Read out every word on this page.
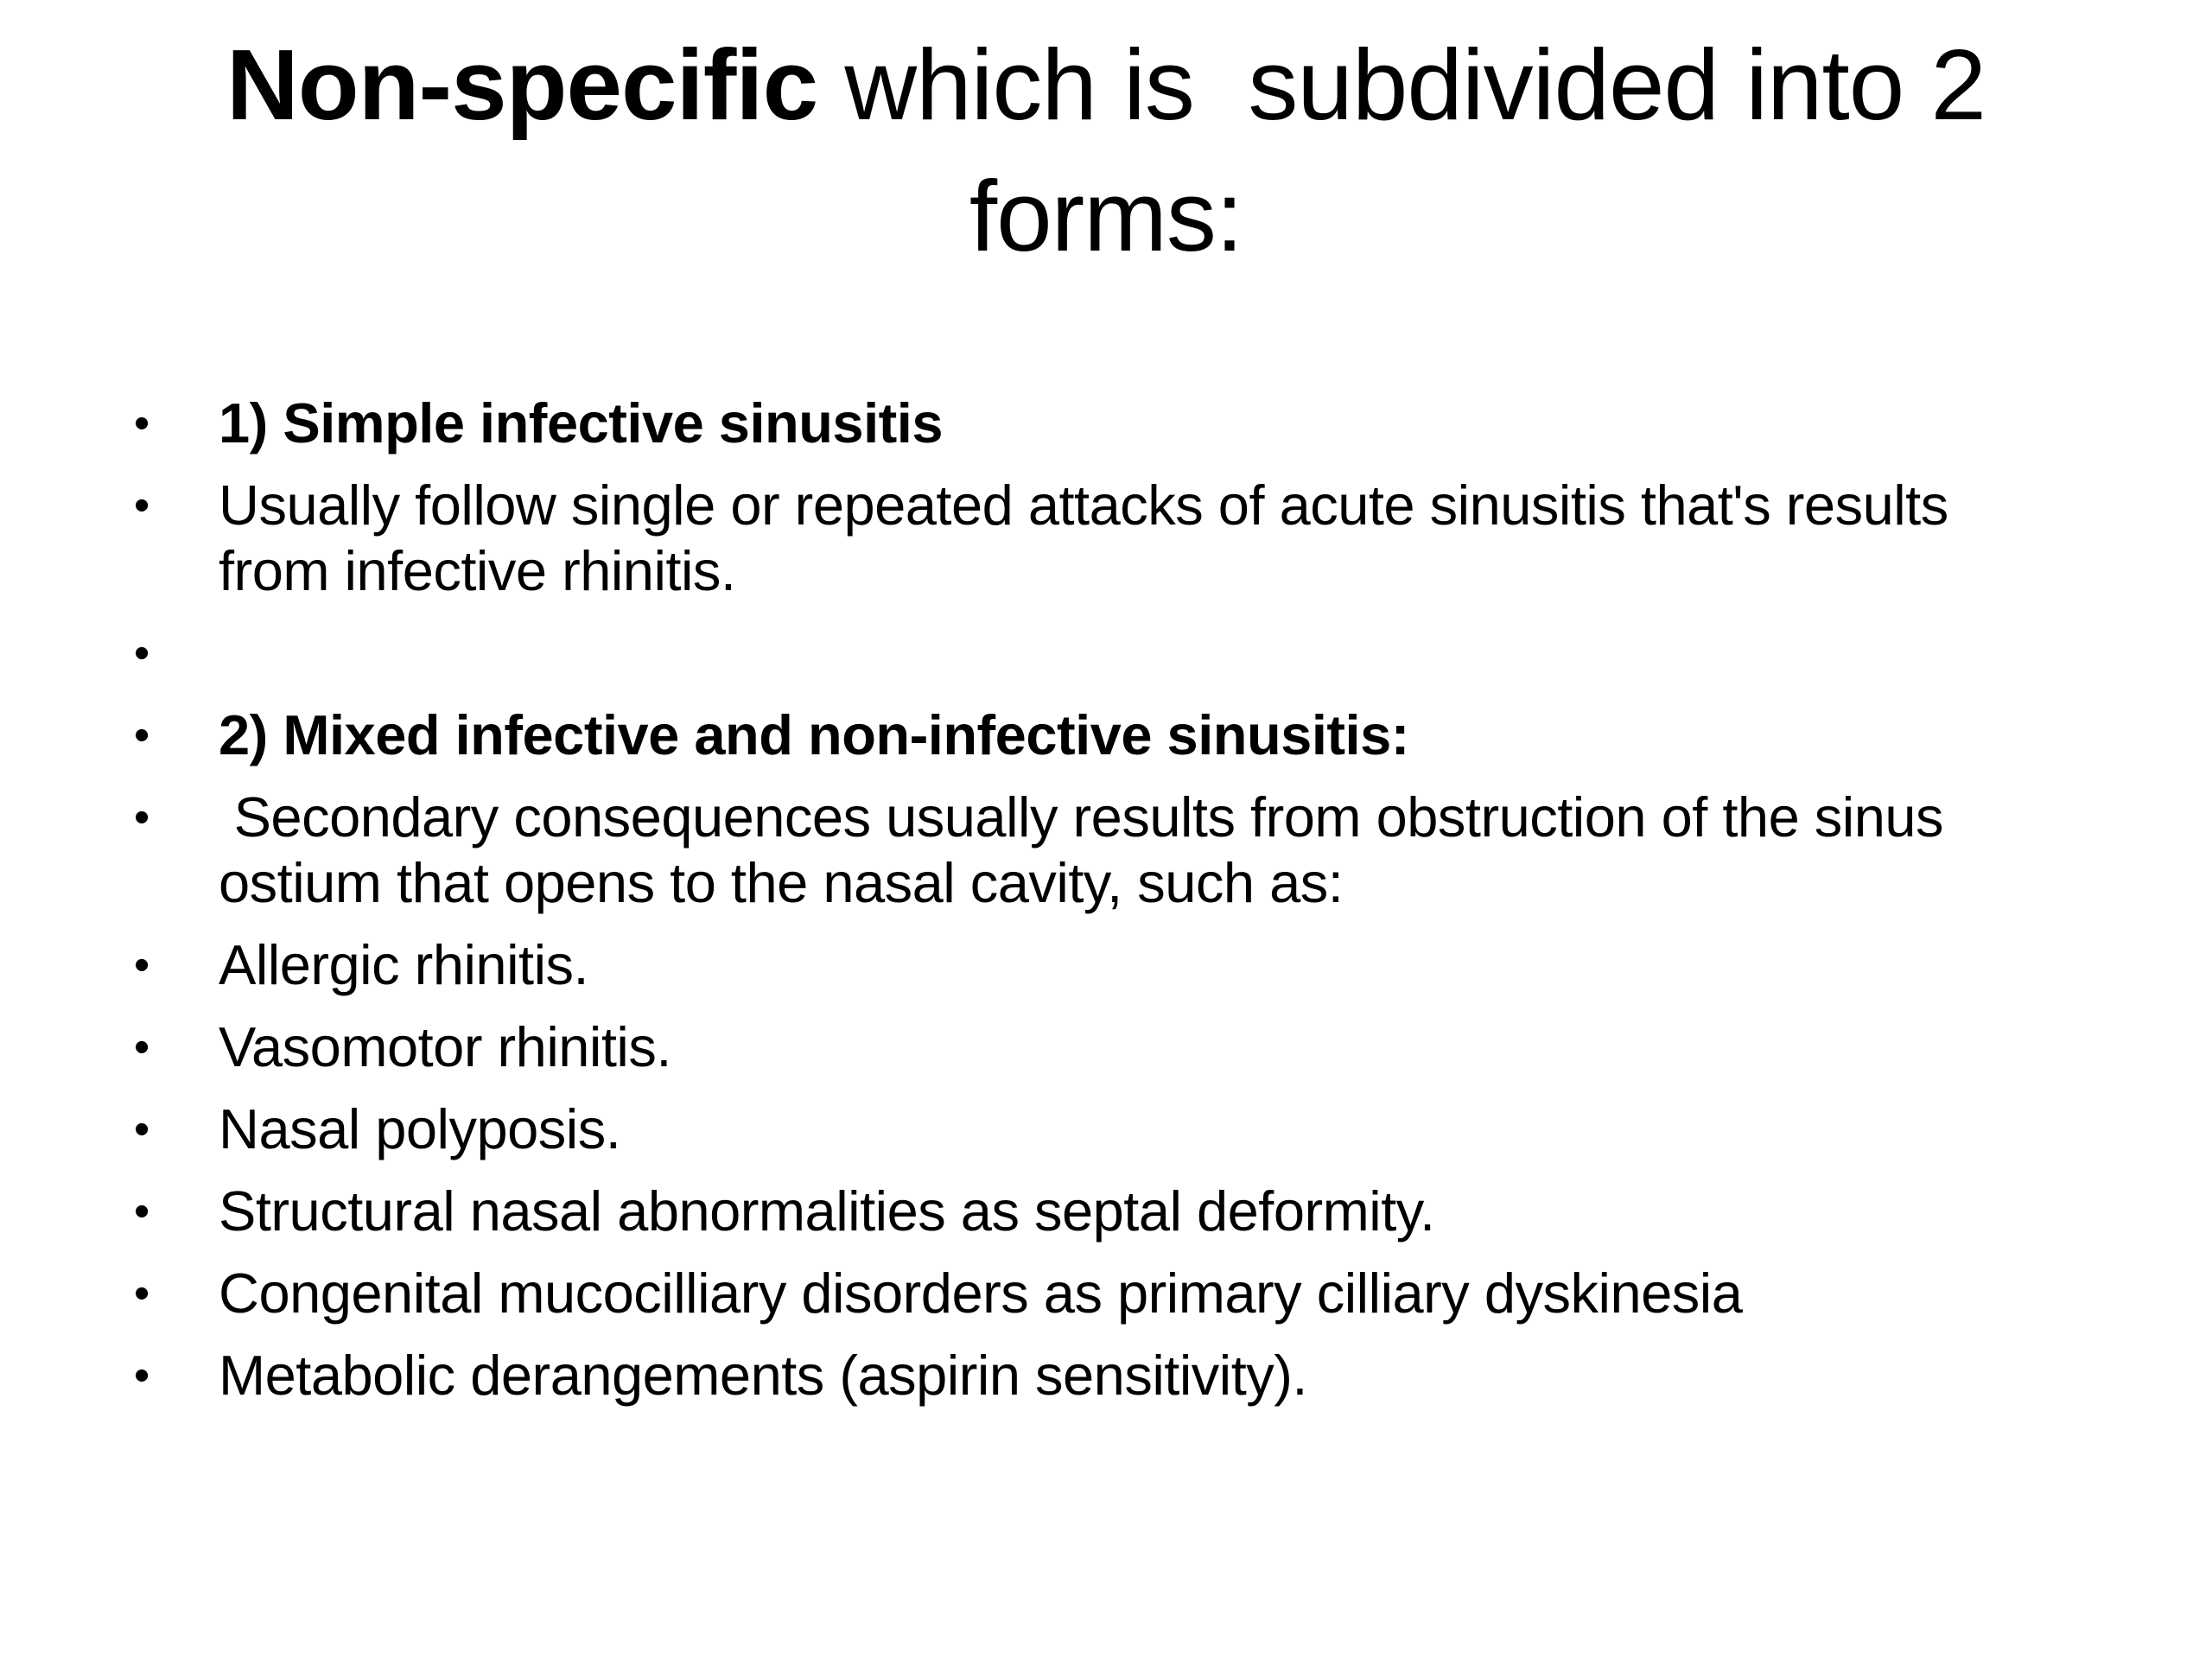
Non-specific which is  subdivided into 2 forms:
• 1) Simple infective sinusitis
• Usually follow single or repeated attacks of acute sinusitis that's results from infective rhinitis.
•
• 2) Mixed infective and non-infective sinusitis:
• Secondary consequences usually results from obstruction of the sinus ostium that opens to the nasal cavity, such as:
• Allergic rhinitis.
• Vasomotor rhinitis.
• Nasal polyposis.
• Structural nasal abnormalities as septal deformity.
• Congenital mucocilliary disorders as primary cilliary dyskinesia
• Metabolic derangements (aspirin sensitivity).
